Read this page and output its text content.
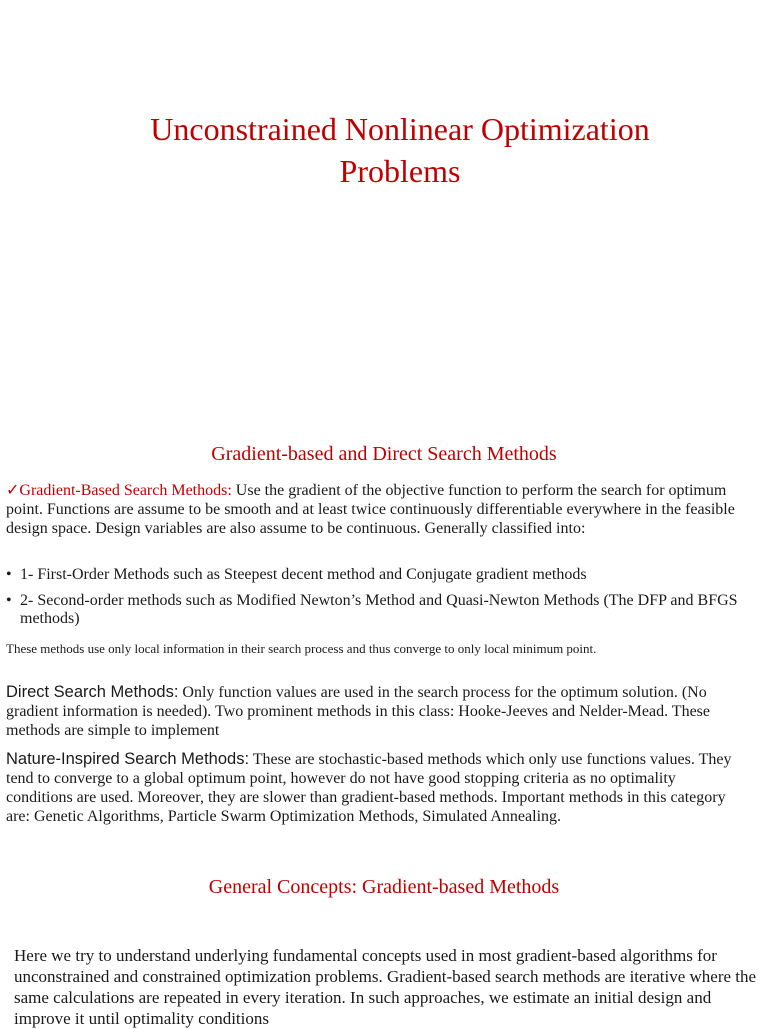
Unconstrained Nonlinear Optimization
Problems
Gradient-based and Direct Search Methods

✓Gradient-Based Search Methods: Use the gradient of the objective function to perform the search for optimum point. Functions are assume to be smooth and at least twice continuously differentiable everywhere in the feasible design space. Design variables are also assume to be continuous. Generally classified into:

• 1- First-Order Methods such as Steepest decent method and Conjugate gradient methods
• 2- Second-order methods such as Modified Newton’s Method and Quasi-Newton Methods (The DFP and BFGS methods)

These methods use only local information in their search process and thus converge to only local minimum point.

Direct Search Methods: Only function values are used in the search process for the optimum solution. (No gradient information is needed). Two prominent methods in this class: Hooke-Jeeves and Nelder-Mead. These methods are simple to implement

Nature-Inspired Search Methods: These are stochastic-based methods which only use functions values. They tend to converge to a global optimum point, however do not have good stopping criteria as no optimality conditions are used. Moreover, they are slower than gradient-based methods. Important methods in this category are: Genetic Algorithms, Particle Swarm Optimization Methods, Simulated Annealing.

General Concepts: Gradient-based Methods

Here we try to understand underlying fundamental concepts used in most gradient-based algorithms for unconstrained and constrained optimization problems. Gradient-based search methods are iterative where the same calculations are repeated in every iteration. In such approaches, we estimate an initial design and improve it until optimality conditions
